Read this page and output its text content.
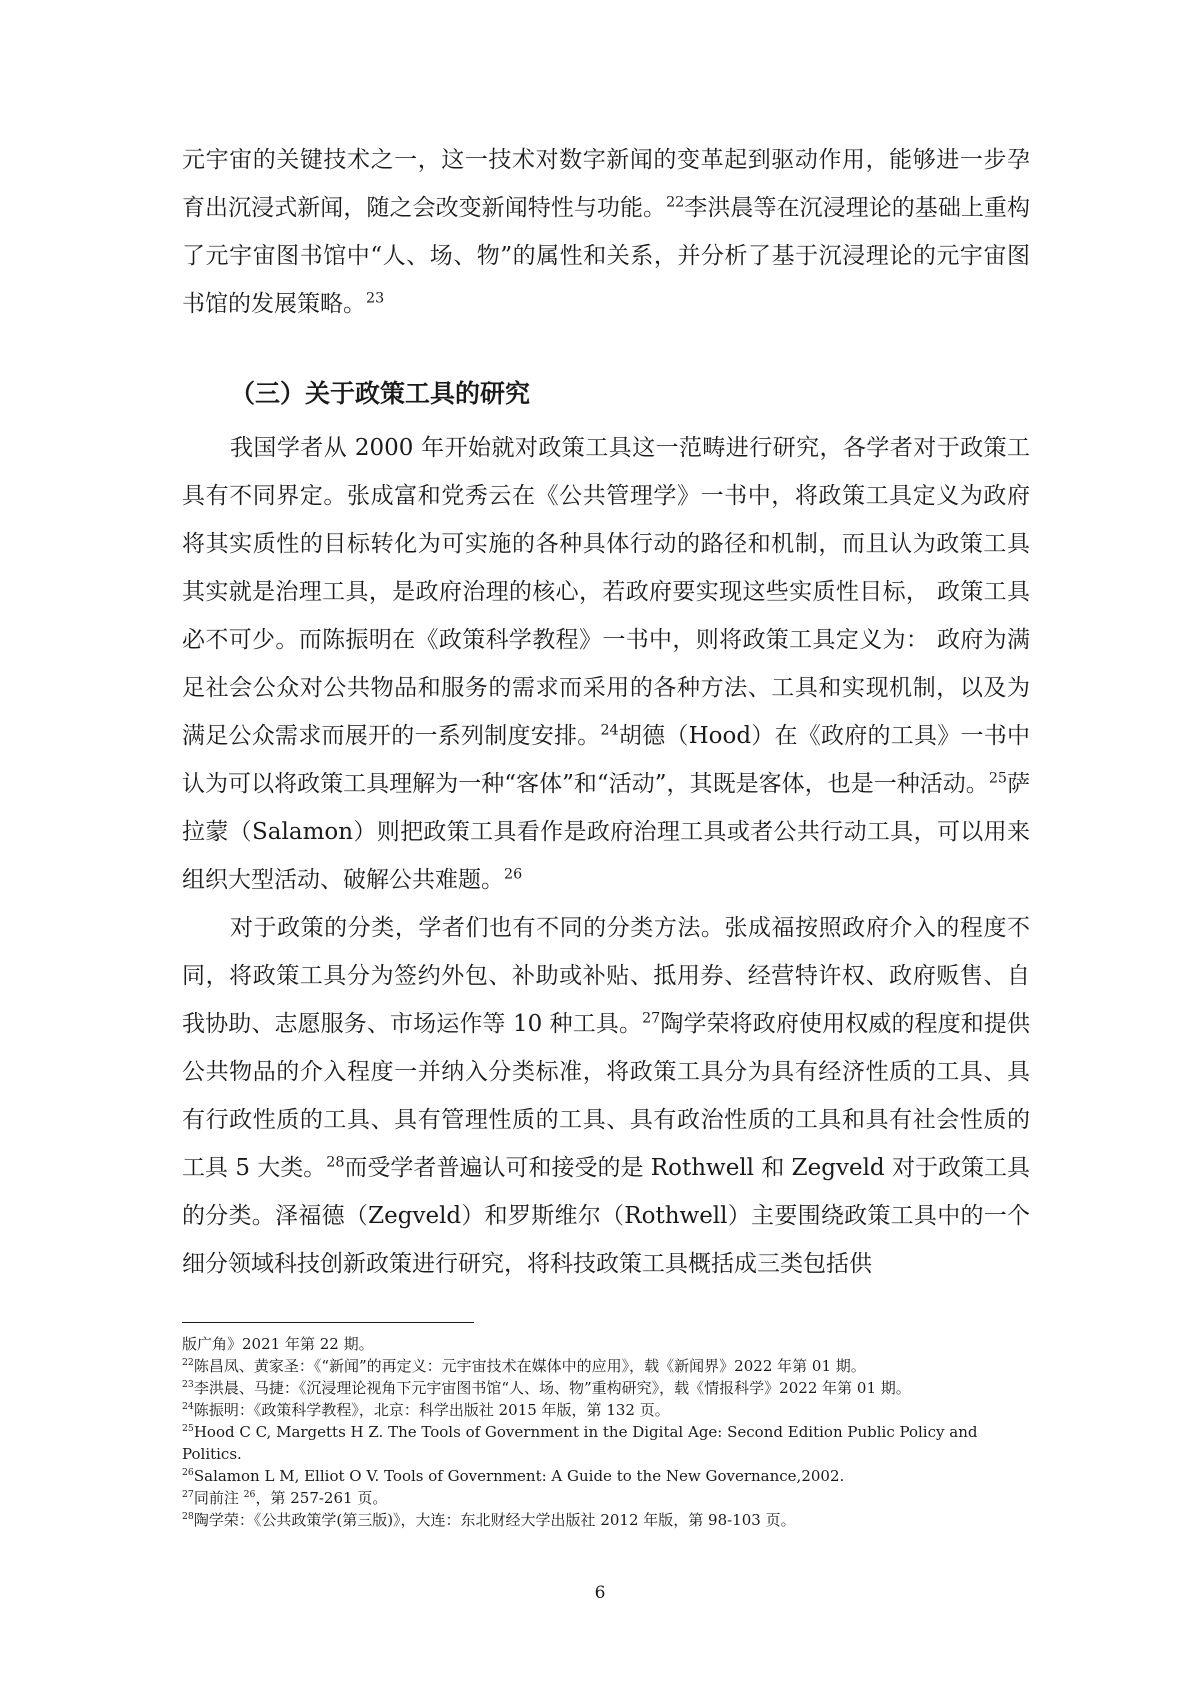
元宇宙的关键技术之一，这一技术对数字新闻的变革起到驱动作用，能够进一步孕育出沉浸式新闻，随之会改变新闻特性与功能。$^{22}$李洪晨等在沉浸理论的基础上重构了元宇宙图书馆中“人、场、物”的属性和关系，并分析了基于沉浸理论的元宇宙图书馆的发展策略。$^{23}$

（三）关于政策工具的研究

我国学者从 2000 年开始就对政策工具这一范畴进行研究，各学者对于政策工具有不同界定。张成富和党秀云在《公共管理学》一书中，将政策工具定义为政府将其实质性的目标转化为可实施的各种具体行动的路径和机制，而且认为政策工具其实就是治理工具，是政府治理的核心，若政府要实现这些实质性目标， 政策工具必不可少。而陈振明在《政策科学教程》一书中，则将政策工具定义为： 政府为满足社会公众对公共物品和服务的需求而采用的各种方法、工具和实现机制，以及为满足公众需求而展开的一系列制度安排。$^{24}$胡德（Hood）在《政府的工具》一书中认为可以将政策工具理解为一种“客体”和“活动”，其既是客体，也是一种活动。$^{25}$萨拉蒙（Salamon）则把政策工具看作是政府治理工具或者公共行动工具，可以用来组织大型活动、破解公共难题。$^{26}$

对于政策的分类，学者们也有不同的分类方法。张成福按照政府介入的程度不同，将政策工具分为签约外包、补助或补贴、抵用券、经营特许权、政府贩售、自我协助、志愿服务、市场运作等 10 种工具。$^{27}$陶学荣将政府使用权威的程度和提供公共物品的介入程度一并纳入分类标准，将政策工具分为具有经济性质的工具、具有行政性质的工具、具有管理性质的工具、具有政治性质的工具和具有社会性质的工具 5 大类。$^{28}$而受学者普遍认可和接受的是 Rothwell 和 Zegveld 对于政策工具的分类。泽福德（Zegveld）和罗斯维尔（Rothwell）主要围绕政策工具中的一个细分领域科技创新政策进行研究，将科技政策工具概括成三类包括供

版广角》2021 年第 22 期。

$^{22}$陈昌凤、黄家圣：《“新闻”的再定义：元宇宙技术在媒体中的应用》，载《新闻界》2022 年第 01 期。

$^{23}$李洪晨、马捷：《沉浸理论视角下元宇宙图书馆“人、场、物”重构研究》，载《情报科学》2022 年第 01 期。

$^{24}$陈振明：《政策科学教程》，北京：科学出版社 2015 年版，第 132 页。

$^{25}$Hood C C, Margetts H Z. The Tools of Government in the Digital Age: Second Edition Public Policy and Politics.

$^{26}$Salamon L M, Elliot O V. Tools of Government: A Guide to the New Governance,2002.

$^{27}$同前注 $^{26}$，第 257-261 页。

$^{28}$陶学荣：《公共政策学(第三版)》，大连：东北财经大学出版社 2012 年版，第 98-103 页。

6
